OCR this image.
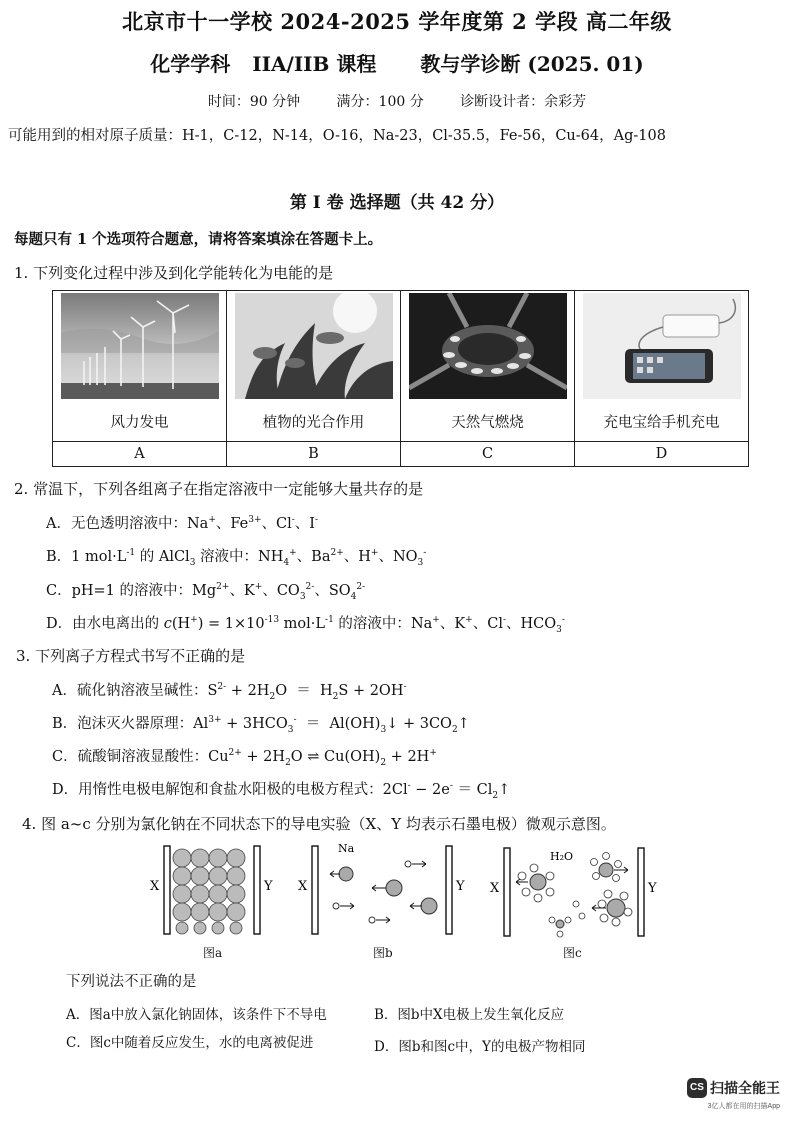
北京市十一学校 2024-2025 学年度第 2 学段 高二年级
化学学科 IIA/IIB 课程 教与学诊断 (2025. 01)
时间：90 分钟	满分：100 分	诊断设计者：余彩芳
可能用到的相对原子质量：H-1，C-12，N-14，O-16，Na-23，Cl-35.5，Fe-56，Cu-64，Ag-108
第 I 卷 选择题（共 42 分）
每题只有 1 个选项符合题意，请将答案填涂在答题卡上。
1. 下列变化过程中涉及到化学能转化为电能的是
风力发电	植物的光合作用	天然气燃烧	充电宝给手机充电

A	B	C	D
2. 常温下，下列各组离子在指定溶液中一定能够大量共存的是
A．无色透明溶液中：Na+、$Fe^{3+}$、Cl-、I-
B．1 $mol\cdot L^{-1}$ 的 AlCl$_3$ 溶液中：$NH_4^+$、$Ba^{2+}$、H+、$NO_3^-$
C．pH=1 的溶液中：$Mg^{2+}$、K+、$CO_3^{2-}$、$SO_4^{2-}$
D．由水电离出的 $c(H^+) = 1\times 10^{-13}$ $mol\cdot L^{-1}$ 的溶液中：Na+、K+、Cl-、$HCO_3^-$
3. 下列离子方程式书写不正确的是
A．硫化钠溶液呈碱性：$S^{2-} + 2H_2O = H_2S + 2OH^-$
B．泡沫灭火器原理：$Al^{3+} + 3HCO_3^-$  ＝  $Al(OH)_3↓$ + $3CO_2↑$
C．硫酸铜溶液显酸性：$Cu^{2+} + 2H_2O$ ⇌ $Cu(OH)_2 + 2H^+$
D．用惰性电极电解饱和食盐水阳极的电极方程式：$2Cl^- - 2e^- = Cl_2↑$
4. 图 a~c 分别为氯化钠在不同状态下的导电实验（X、Y 均表示石墨电极）微观示意图。
X	Y
图a
X	Y
Na
图b
X	Y
H₂O
图c
下列说法不正确的是
A．图a中放入氯化钠固体，该条件下不导电	B．图b中X电极上发生氧化反应
C．图c中随着反应发生，水的电离被促进	D．图b和图c中，Y的电极产物相同
CS 扫描全能王
3亿人都在用的扫描App
